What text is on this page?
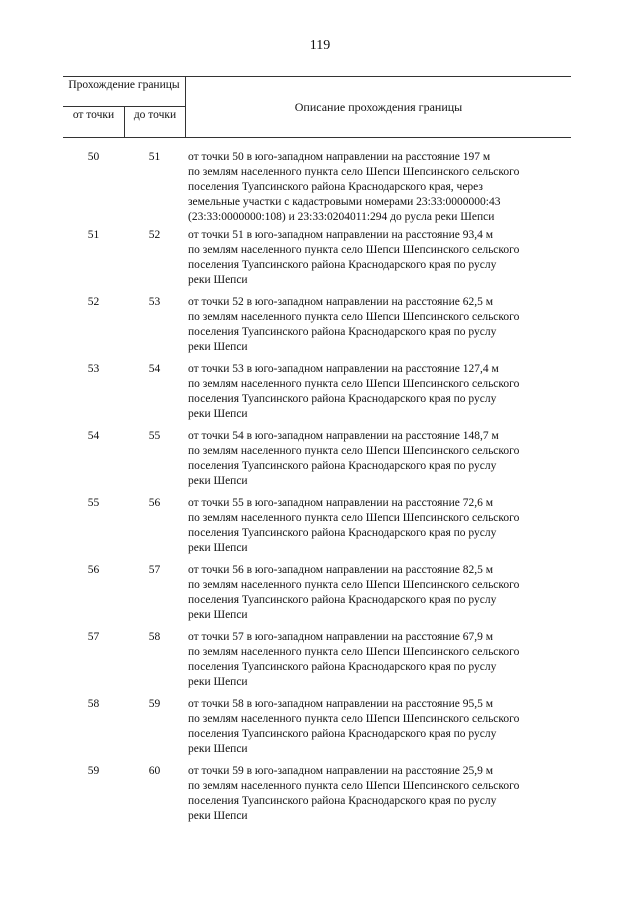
119
Прохождение границы
от точки	до точки
Описание прохождения границы
50	51	от точки 50 в юго-западном направлении на расстояние 197 м
по землям населенного пункта село Шепси Шепсинского сельского
поселения Туапсинского района Краснодарского края, через
земельные участки с кадастровыми номерами 23:33:0000000:43
(23:33:0000000:108) и 23:33:0204011:294 до русла реки Шепси
51	52	от точки 51 в юго-западном направлении на расстояние 93,4 м
по землям населенного пункта село Шепси Шепсинского сельского
поселения Туапсинского района Краснодарского края по руслу
реки Шепси
52	53	от точки 52 в юго-западном направлении на расстояние 62,5 м
по землям населенного пункта село Шепси Шепсинского сельского
поселения Туапсинского района Краснодарского края по руслу
реки Шепси
53	54	от точки 53 в юго-западном направлении на расстояние 127,4 м
по землям населенного пункта село Шепси Шепсинского сельского
поселения Туапсинского района Краснодарского края по руслу
реки Шепси
54	55	от точки 54 в юго-западном направлении на расстояние 148,7 м
по землям населенного пункта село Шепси Шепсинского сельского
поселения Туапсинского района Краснодарского края по руслу
реки Шепси
55	56	от точки 55 в юго-западном направлении на расстояние 72,6 м
по землям населенного пункта село Шепси Шепсинского сельского
поселения Туапсинского района Краснодарского края по руслу
реки Шепси
56	57	от точки 56 в юго-западном направлении на расстояние 82,5 м
по землям населенного пункта село Шепси Шепсинского сельского
поселения Туапсинского района Краснодарского края по руслу
реки Шепси
57	58	от точки 57 в юго-западном направлении на расстояние 67,9 м
по землям населенного пункта село Шепси Шепсинского сельского
поселения Туапсинского района Краснодарского края по руслу
реки Шепси
58	59	от точки 58 в юго-западном направлении на расстояние 95,5 м
по землям населенного пункта село Шепси Шепсинского сельского
поселения Туапсинского района Краснодарского края по руслу
реки Шепси
59	60	от точки 59 в юго-западном направлении на расстояние 25,9 м
по землям населенного пункта село Шепси Шепсинского сельского
поселения Туапсинского района Краснодарского края по руслу
реки Шепси
